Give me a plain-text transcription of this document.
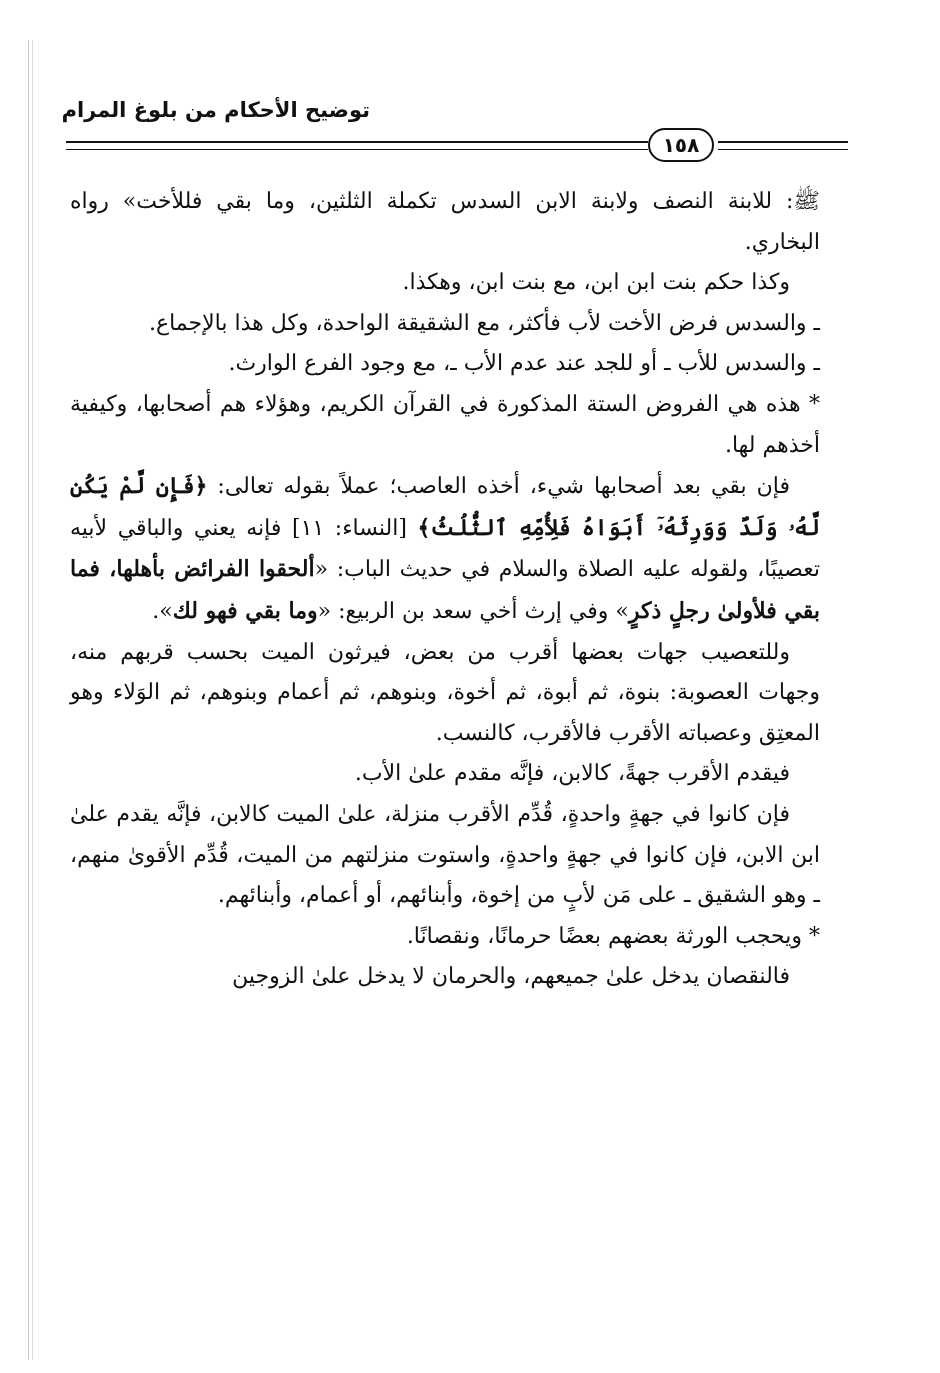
توضيح الأحكام من بلوغ المرام
١٥٨

ﷺ: للابنة النصف ولابنة الابن السدس تكملة الثلثين، وما بقي فللأخت» رواه البخاري.

وكذا حكم بنت ابن ابن، مع بنت ابن، وهكذا.

ـ والسدس فرض الأخت لأب فأكثر، مع الشقيقة الواحدة، وكل هذا بالإجماع.

ـ والسدس للأب ـ أو للجد عند عدم الأب ـ، مع وجود الفرع الوارث.

* هذه هي الفروض الستة المذكورة في القرآن الكريم، وهؤلاء هم أصحابها، وكيفية أخذهم لها.

فإن بقي بعد أصحابها شيء، أخذه العاصب؛ عملاً بقوله تعالى: ﴿فَإِن لَّمْ يَكُن لَّهُۥ وَلَدٌ وَوَرِثَهُۥٓ أَبَوَاهُ فَلِأُمِّهِ ٱلثُّلُثُ﴾ [النساء: ١١] فإنه يعني والباقي لأبيه تعصيبًا، ولقوله عليه الصلاة والسلام في حديث الباب: «ألحقوا الفرائض بأهلها، فما بقي فلأولىٰ رجلٍ ذكرٍ» وفي إرث أخي سعد بن الربيع: «وما بقي فهو لك».

وللتعصيب جهات بعضها أقرب من بعض، فيرثون الميت بحسب قربهم منه، وجهات العصوبة: بنوة، ثم أبوة، ثم أخوة، وبنوهم، ثم أعمام وبنوهم، ثم الوَلاء وهو المعتِق وعصباته الأقرب فالأقرب، كالنسب.

فيقدم الأقرب جهةً، كالابن، فإنَّه مقدم علىٰ الأب.

فإن كانوا في جهةٍ واحدةٍ، قُدِّم الأقرب منزلة، علىٰ الميت كالابن، فإنَّه يقدم علىٰ ابن الابن، فإن كانوا في جهةٍ واحدةٍ، واستوت منزلتهم من الميت، قُدِّم الأقوىٰ منهم، ـ وهو الشقيق ـ على مَن لأبٍ من إخوة، وأبنائهم، أو أعمام، وأبنائهم.

* ويحجب الورثة بعضهم بعضًا حرمانًا، ونقصانًا.

فالنقصان يدخل علىٰ جميعهم، والحرمان لا يدخل علىٰ الزوجين
